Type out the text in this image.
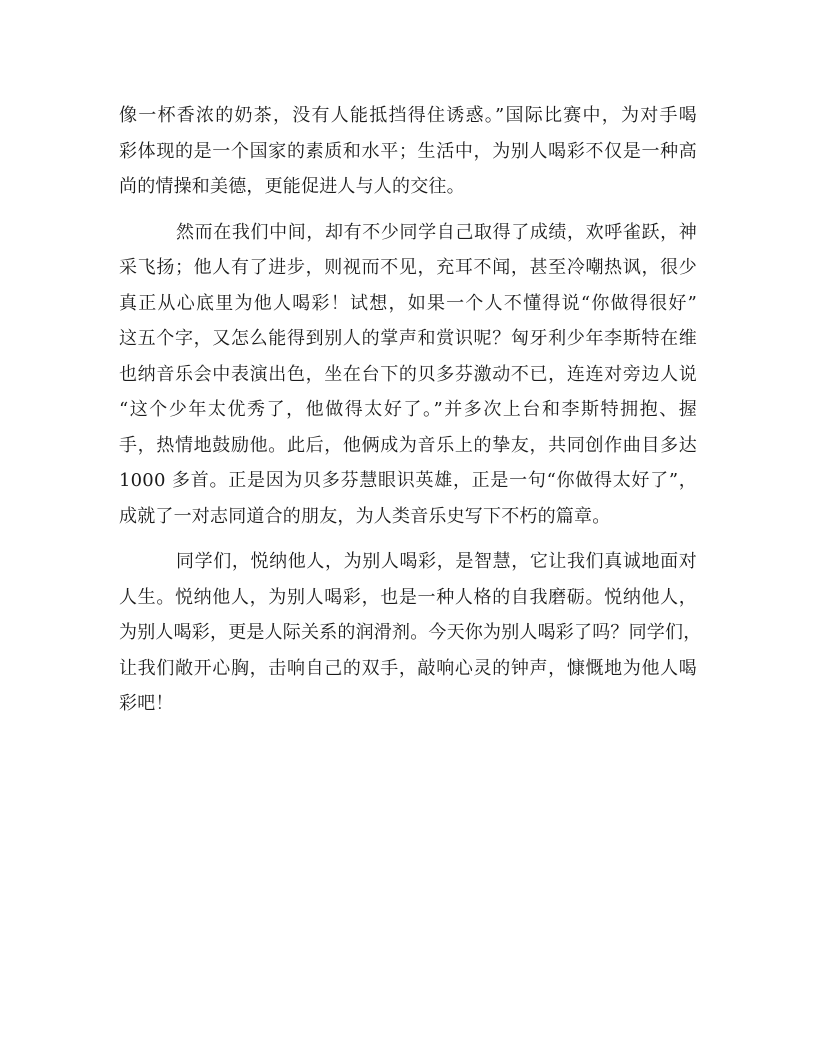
像一杯香浓的奶茶，没有人能抵挡得住诱惑。”国际比赛中，为对手喝
彩体现的是一个国家的素质和水平；生活中，为别人喝彩不仅是一种高
尚的情操和美德，更能促进人与人的交往。
然而在我们中间，却有不少同学自己取得了成绩，欢呼雀跃，神
采飞扬；他人有了进步，则视而不见，充耳不闻，甚至冷嘲热讽，很少
真正从心底里为他人喝彩！试想，如果一个人不懂得说“你做得很好”
这五个字，又怎么能得到别人的掌声和赏识呢？匈牙利少年李斯特在维
也纳音乐会中表演出色，坐在台下的贝多芬激动不已，连连对旁边人说
“这个少年太优秀了，他做得太好了。”并多次上台和李斯特拥抱、握
手，热情地鼓励他。此后，他俩成为音乐上的挚友，共同创作曲目多达
1000 多首。正是因为贝多芬慧眼识英雄，正是一句“你做得太好了”，
成就了一对志同道合的朋友，为人类音乐史写下不朽的篇章。
同学们，悦纳他人，为别人喝彩，是智慧，它让我们真诚地面对
人生。悦纳他人，为别人喝彩，也是一种人格的自我磨砺。悦纳他人，
为别人喝彩，更是人际关系的润滑剂。今天你为别人喝彩了吗？同学们，
让我们敞开心胸，击响自己的双手，敲响心灵的钟声，慷慨地为他人喝
彩吧！
